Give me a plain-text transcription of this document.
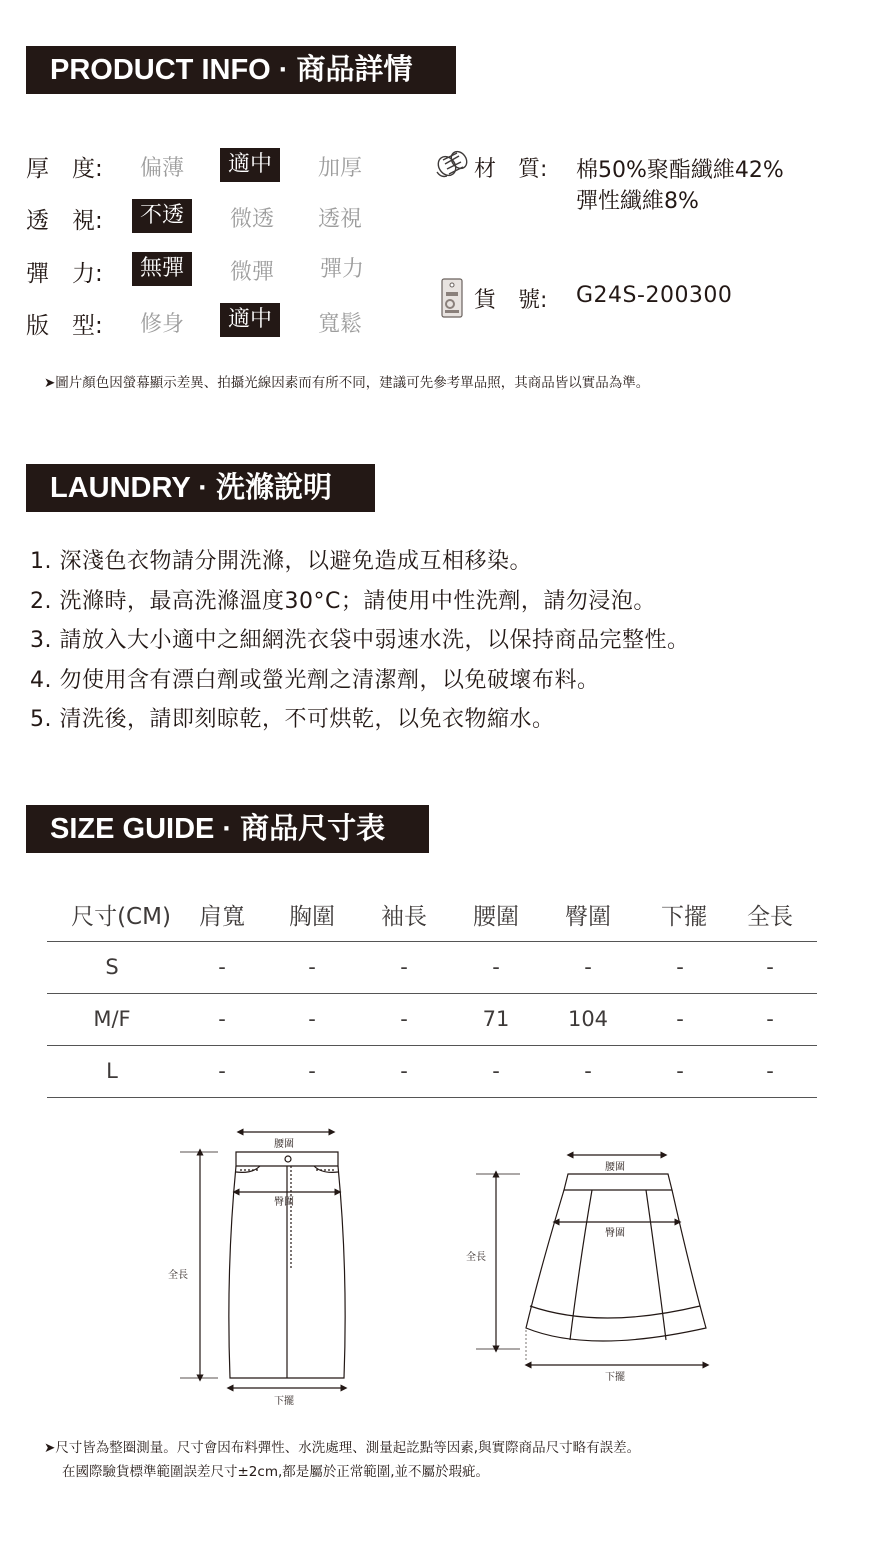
PRODUCT INFO · 商品詳情
厚　度: 偏薄	適中	加厚
透　視:	不透	微透 透視
彈　力:	無彈	微彈 彈力
版　型: 修身	適中	寬鬆
材　質: 棉50%聚酯纖維42%
彈性纖維8%
貨　號: G24S-200300
➤圖片顏色因螢幕顯示差異、拍攝光線因素而有所不同，建議可先參考單品照，其商品皆以實品為準。
LAUNDRY · 洗滌說明
1. 深淺色衣物請分開洗滌，以避免造成互相移染。
2. 洗滌時，最高洗滌溫度30°C；請使用中性洗劑，請勿浸泡。
3. 請放入大小適中之細網洗衣袋中弱速水洗，以保持商品完整性。
4. 勿使用含有漂白劑或螢光劑之清潔劑，以免破壞布料。
5. 清洗後，請即刻晾乾，不可烘乾，以免衣物縮水。
SIZE GUIDE · 商品尺寸表
尺寸(CM)	肩寬	胸圍	袖長	腰圍	臀圍	下擺	全長
S	-	-	-	-	-	-	-
M/F	-	-	-	71	104	-	-
L	-	-	-	-	-	-	-
腰圍
臀圍
全長
下擺
腰圍
臀圍
全長
下擺
➤尺寸皆為整圈測量。尺寸會因布料彈性、水洗處理、測量起訖點等因素,與實際商品尺寸略有誤差。
在國際驗貨標準範圍誤差尺寸±2cm,都是屬於正常範圍,並不屬於瑕疵。
